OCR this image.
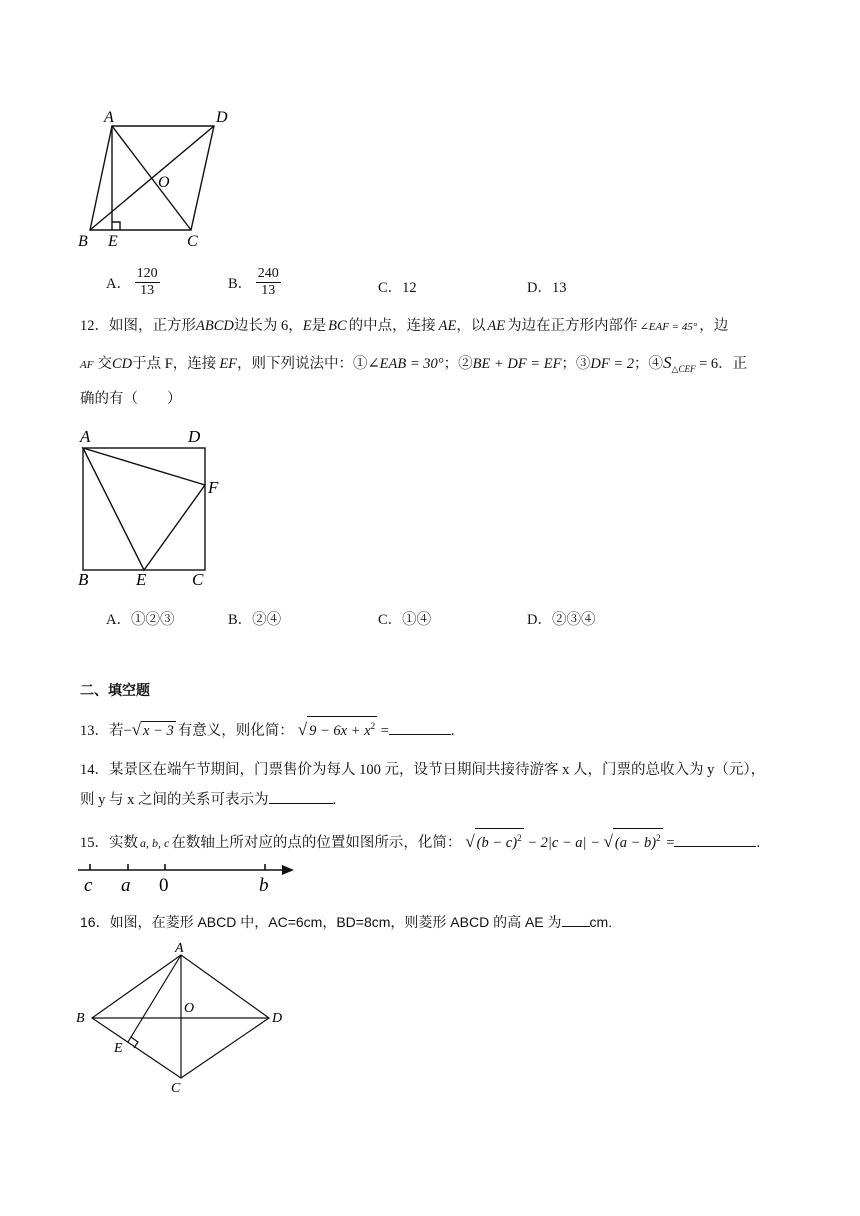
A	D
O
B E	C
A． $\frac{120}{13}$	B． $\frac{240}{13}$	C．12	D．13
12．如图，正方形ABCD边长为 6，E是 BC 的中点，连接 AE，以 AE 为边在正方形内部作 ∠EAF = 45° ，边
AF 交CD于点 F，连接 EF，则下列说法中：①∠EAB = 30°；②BE + DF = EF；③DF = 2；$④S_{\triangle CEF} = 6$．正
确的有（　　）
A	D
F
B	E	C
A．①②③	B．②④	C．①④	D．②③④
二、填空题
13．若−√ x − 3 有意义，则化简： √ $9 - 6x + x^2$ =	.
14．某景区在端午节期间，门票售价为每人 100 元，设节日期间共接待游客 x 人，门票的总收入为 y（元），
则 y 与 x 之间的关系可表示为	.
15．实数 a, b, c 在数轴上所对应的点的位置如图所示，化简： √ $(b - c)^2 - 2|c - a|$ − √ $(a - b)^2$ =	.
c a 0	b
16．如图，在菱形 ABCD 中，AC=6cm，BD=8cm，则菱形 ABCD 的高 AE 为 cm.
A
B
O
D
E
C
